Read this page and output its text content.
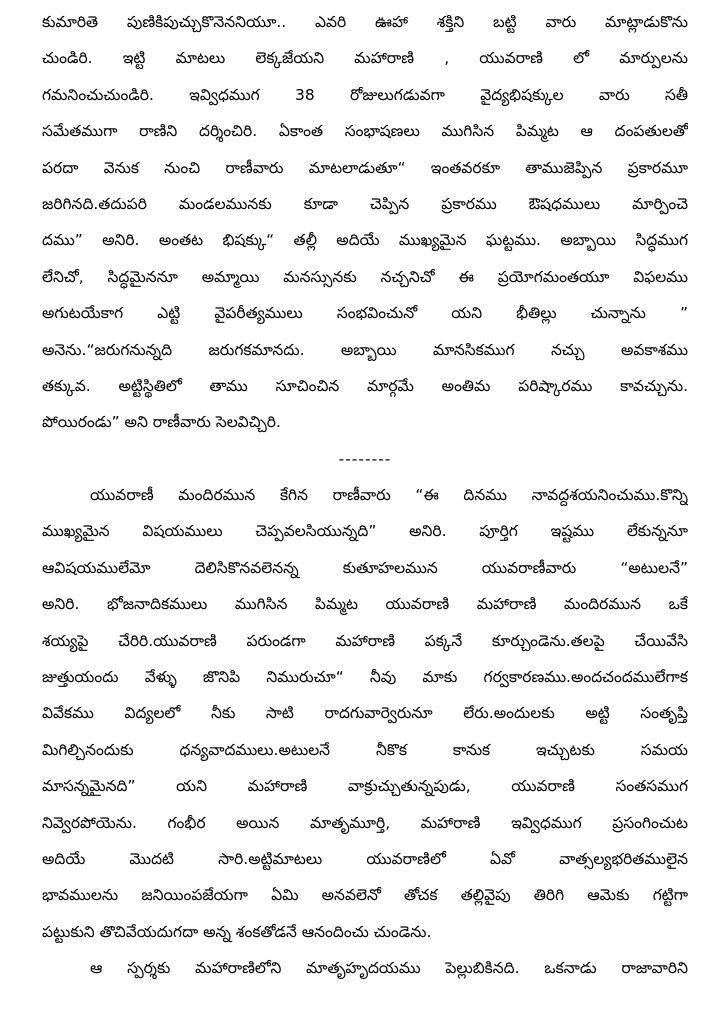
కుమారితె పుణికిపుచ్చుకొనెననియూ.. ఎవరి ఊహా శక్తిని బట్టి వారు మాట్లాడుకొను
చుండిరి. ఇట్టి మాటలు లెక్కజేయని మహారాణి , యువరాణి లో మార్పులను
గమనించుచుండిరి. ఇవ్విధముగ 38 రోజులుగడువగా వైద్యభిషక్కుల వారు సతీ
సమేతముగా రాణిని దర్శించిరి. ఏకాంత సంభాషణలు ముగిసిన పిమ్మట ఆ దంపతులతో
పరదా వెనుక నుంచి రాణీవారు మాటలాడుతూ“ ఇంతవరకూ తాముజెప్పిన ప్రకారమూ
జరిగినది.తదుపరి మండలమునకు కూడా చెప్పిన ప్రకారము ఔషధములు మార్పించె
దము” అనిరి. అంతట భిషక్కు“ తల్లీ అదియే ముఖ్యమైన ఘట్టము. అబ్బాయి సిద్ధముగ
లేనిచో, సిద్ధమైననూ అమ్మాయి మనస్సునకు నచ్చనిచో ఈ ప్రయోగమంతయూ విఫలము
అగుటయేకాగ ఎట్టి వైపరీత్యములు సంభవించునో యని భీతిల్లు చున్నాను ”
అనెను.“జరుగనున్నది జరుగకమానదు. అబ్బాయి మానసికముగ నచ్చు అవకాశము
తక్కువ. అట్టిస్థితిలో తాము సూచించిన మార్గమే అంతిమ పరిష్కారము కావచ్చును.
పోయిరండు” అని రాణీవారు సెలవిచ్చిరి.
--------
యువరాణీ మందిరమున కేగిన రాణీవారు “ఈ దినము నావద్దశయనించుము.కొన్ని
ముఖ్యమైన విషయములు చెప్పవలసియున్నది” అనిరి. పూర్తిగ ఇష్టము లేకున్ననూ
ఆవిషయములేమో దెలిసికొనవలెనన్న కుతూహలమున యువరాణీవారు “అటులనే”
అనిరి. భోజనాదికములు ముగిసిన పిమ్మట యువరాణి మహారాణి మందిరమున ఒకే
శయ్యపై చేరిరి.యువరాణి పరుండగా మహారాణి పక్కనే కూర్చుండెను.తలపై చేయివేసి
జుత్తుయందు వేళ్ళు జొనిపి నిమురుచూ“ నీవు మాకు గర్వకారణము.అందచందములేగాక
వివేకము విద్యలలో నీకు సాటి రాదగువార్వెరునూ లేరు.అందులకు అట్టి సంతృప్తి
మిగిల్చినందుకు ధన్యవాదములు.అటులనే నీకొక కానుక ఇచ్చుటకు సమయ
మాసన్నమైనది” యని మహారాణి వాక్రుచ్చుతున్నపుడు, యువరాణి సంతసముగ
నివ్వెరపోయెను. గంభీర అయిన మాతృమూర్తి, మహారాణి ఇవ్విధముగ ప్రసంగించుట
అదియే మొదటి సారి.అట్టిమాటలు యువరాణిలో ఏవో వాత్సల్యభరితములైన
భావములను జనియింపజేయగా ఏమి అనవలెనో తోచక తల్లివైపు తిరిగి ఆమెకు గట్టిగా
పట్టుకుని తొచివేయదుగదా అన్న శంకతోడనే ఆనందించు చుండెను.
ఆ స్పర్శకు మహారాణిలోని మాతృహృదయము పెల్లుబికినది. ఒకనాడు రాజావారిని
